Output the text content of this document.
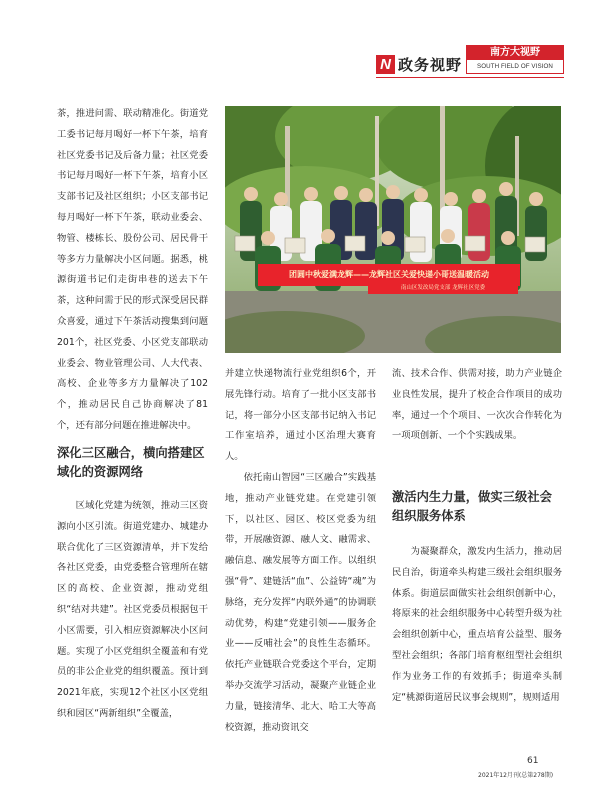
N 政务视野
南方大视野
SOUTH FIELD OF VISION

茶，推进问需、联动精准化。街道党工委书记每月喝好一杯下午茶，培育社区党委书记及后备力量；社区党委书记每月喝好一杯下午茶，培育小区支部书记及社区组织；小区支部书记每月喝好一杯下午茶，联动业委会、物管、楼栋长、股份公司、居民骨干等多方力量解决小区问题。据悉，桃源街道书记们走街串巷的送去下午茶，这种问需于民的形式深受居民群众喜爱，通过下午茶活动搜集到问题201个，社区党委、小区党支部联动业委会、物业管理公司、人大代表、高校、企业等多方力量解决了102个，推动居民自己协商解决了81个，还有部分问题在推进解决中。

深化三区融合，横向搭建区域化的资源网络

区域化党建为统领，推动三区资源向小区引流。街道党建办、城建办联合优化了三区资源清单，并下发给各社区党委，由党委整合管理所在辖区的高校、企业资源，推动党组织“结对共建”。社区党委员根据包干小区需要，引入相应资源解决小区问题。实现了小区党组织全覆盖和有党员的非公企业党的组织覆盖。预计到2021年底，实现12个社区小区党组织和园区“两新组织”全覆盖，

团圆中秋爱满龙辉——龙辉社区关爱快递小哥送温暖活动
南山区发改局党支部 龙辉社区党委

并建立快递物流行业党组织6个，开展先锋行动。培育了一批小区支部书记，将一部分小区支部书记纳入书记工作室培养，通过小区治理大赛育人。

依托南山智园“三区融合”实践基地，推动产业链党建。在党建引领下，以社区、园区、校区党委为纽带，开展融资源、融人文、融需求、融信息、融发展等方面工作。以组织强“骨”、建链活“血”、公益铸“魂”为脉络，充分发挥“内联外通”的协调联动优势，构建“党建引领——服务企业——反哺社会”的良性生态循环。依托产业链联合党委这个平台，定期举办交流学习活动，凝聚产业链企业力量，链接清华、北大、哈工大等高校资源，推动资讯交

流、技术合作、供需对接，助力产业链企业良性发展，提升了校企合作项目的成功率，通过一个个项目、一次次合作转化为一项项创新、一个个实践成果。

激活内生力量，做实三级社会组织服务体系

为凝聚群众，激发内生活力，推动居民自治，街道牵头构建三级社会组织服务体系。街道层面做实社会组织创新中心，将原来的社会组织服务中心转型升级为社会组织创新中心，重点培育公益型、服务型社会组织；各部门培育枢纽型社会组织作为业务工作的有效抓手；街道牵头制定“桃源街道居民议事会规则”，规则适用

61
2021年12月刊(总第278期)
